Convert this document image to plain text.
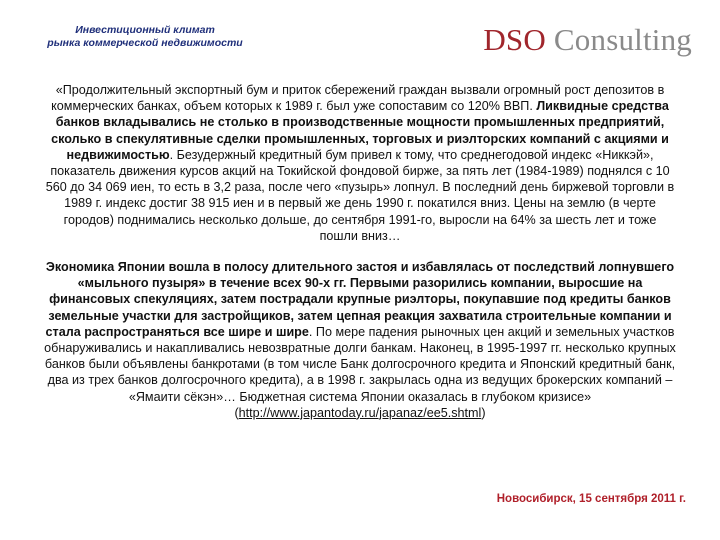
Инвестиционный климат
рынка коммерческой недвижимости	DSO Consulting

«Продолжительный экспортный бум и приток сбережений граждан вызвали огромный рост депозитов в коммерческих банках, объем которых к 1989 г. был уже сопоставим со 120% ВВП. Ликвидные средства банков вкладывались не столько в производственные мощности промышленных предприятий, сколько в спекулятивные сделки промышленных, торговых и риэлторских компаний с акциями и недвижимостью. Безудержный кредитный бум привел к тому, что среднегодовой индекс «Никкэй», показатель движения курсов акций на Токийской фондовой бирже, за пять лет (1984-1989) поднялся с 10 560 до 34 069 иен, то есть в 3,2 раза, после чего «пузырь» лопнул. В последний день биржевой торговли в 1989 г. индекс достиг 38 915 иен и в первый же день 1990 г. покатился вниз. Цены на землю (в черте городов) поднимались несколько дольше, до сентября 1991-го, выросли на 64% за шесть лет и тоже пошли вниз…

Экономика Японии вошла в полосу длительного застоя и избавлялась от последствий лопнувшего «мыльного пузыря» в течение всех 90-х гг. Первыми разорились компании, выросшие на финансовых спекуляциях, затем пострадали крупные риэлторы, покупавшие под кредиты банков земельные участки для застройщиков, затем цепная реакция захватила строительные компании и стала распространяться все шире и шире. По мере падения рыночных цен акций и земельных участков обнаруживались и накапливались невозвратные долги банкам. Наконец, в 1995-1997 гг. несколько крупных банков были объявлены банкротами (в том числе Банк долгосрочного кредита и Японский кредитный банк, два из трех банков долгосрочного кредита), а в 1998 г. закрылась одна из ведущих брокерских компаний – «Ямаити сёкэн»… Бюджетная система Японии оказалась в глубоком кризисе» (http://www.japantoday.ru/japanaz/ee5.shtml)

Новосибирск, 15 сентября 2011 г.
